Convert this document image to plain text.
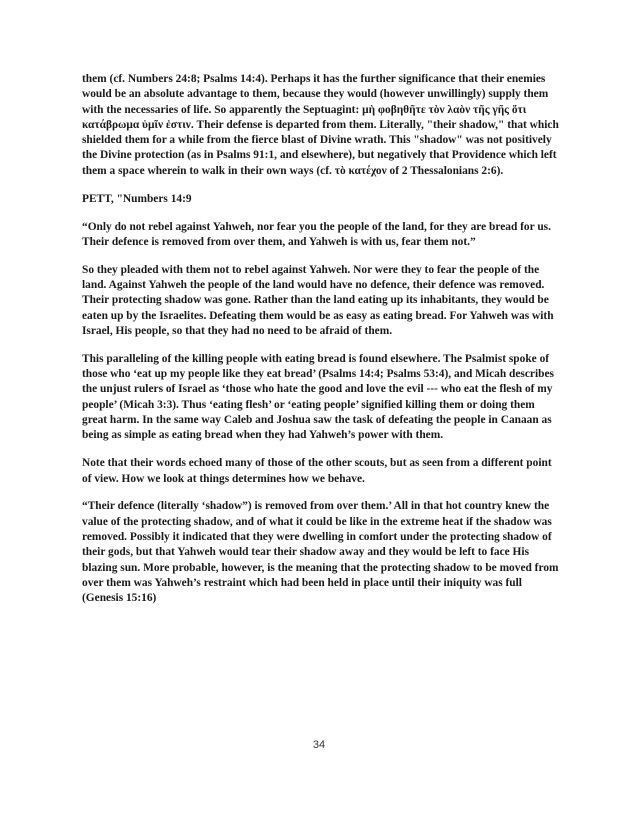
them (cf. Numbers 24:8; Psalms 14:4). Perhaps it has the further significance that their enemies would be an absolute advantage to them, because they would (however unwillingly) supply them with the necessaries of life. So apparently the Septuagint: μὴ φοβηθῆτε τὸν λαὸν τῆς γῆς ὅτι κατάβρωμα ὑμῖν ἐστιν. Their defense is departed from them. Literally, "their shadow," that which shielded them for a while from the fierce blast of Divine wrath. This "shadow" was not positively the Divine protection (as in Psalms 91:1, and elsewhere), but negatively that Providence which left them a space wherein to walk in their own ways (cf. τὸ κατέχον of 2 Thessalonians 2:6).

PETT, "Numbers 14:9

“Only do not rebel against Yahweh, nor fear you the people of the land, for they are bread for us. Their defence is removed from over them, and Yahweh is with us, fear them not.”

So they pleaded with them not to rebel against Yahweh. Nor were they to fear the people of the land. Against Yahweh the people of the land would have no defence, their defence was removed. Their protecting shadow was gone. Rather than the land eating up its inhabitants, they would be eaten up by the Israelites. Defeating them would be as easy as eating bread. For Yahweh was with Israel, His people, so that they had no need to be afraid of them.

This paralleling of the killing people with eating bread is found elsewhere. The Psalmist spoke of those who ‘eat up my people like they eat bread’ (Psalms 14:4; Psalms 53:4), and Micah describes the unjust rulers of Israel as ‘those who hate the good and love the evil --- who eat the flesh of my people’ (Micah 3:3). Thus ‘eating flesh’ or ‘eating people’ signified killing them or doing them great harm. In the same way Caleb and Joshua saw the task of defeating the people in Canaan as being as simple as eating bread when they had Yahweh’s power with them.

Note that their words echoed many of those of the other scouts, but as seen from a different point of view. How we look at things determines how we behave.

“Their defence (literally ‘shadow”) is removed from over them.’ All in that hot country knew the value of the protecting shadow, and of what it could be like in the extreme heat if the shadow was removed. Possibly it indicated that they were dwelling in comfort under the protecting shadow of their gods, but that Yahweh would tear their shadow away and they would be left to face His blazing sun. More probable, however, is the meaning that the protecting shadow to be moved from over them was Yahweh’s restraint which had been held in place until their iniquity was full (Genesis 15:16)

34
